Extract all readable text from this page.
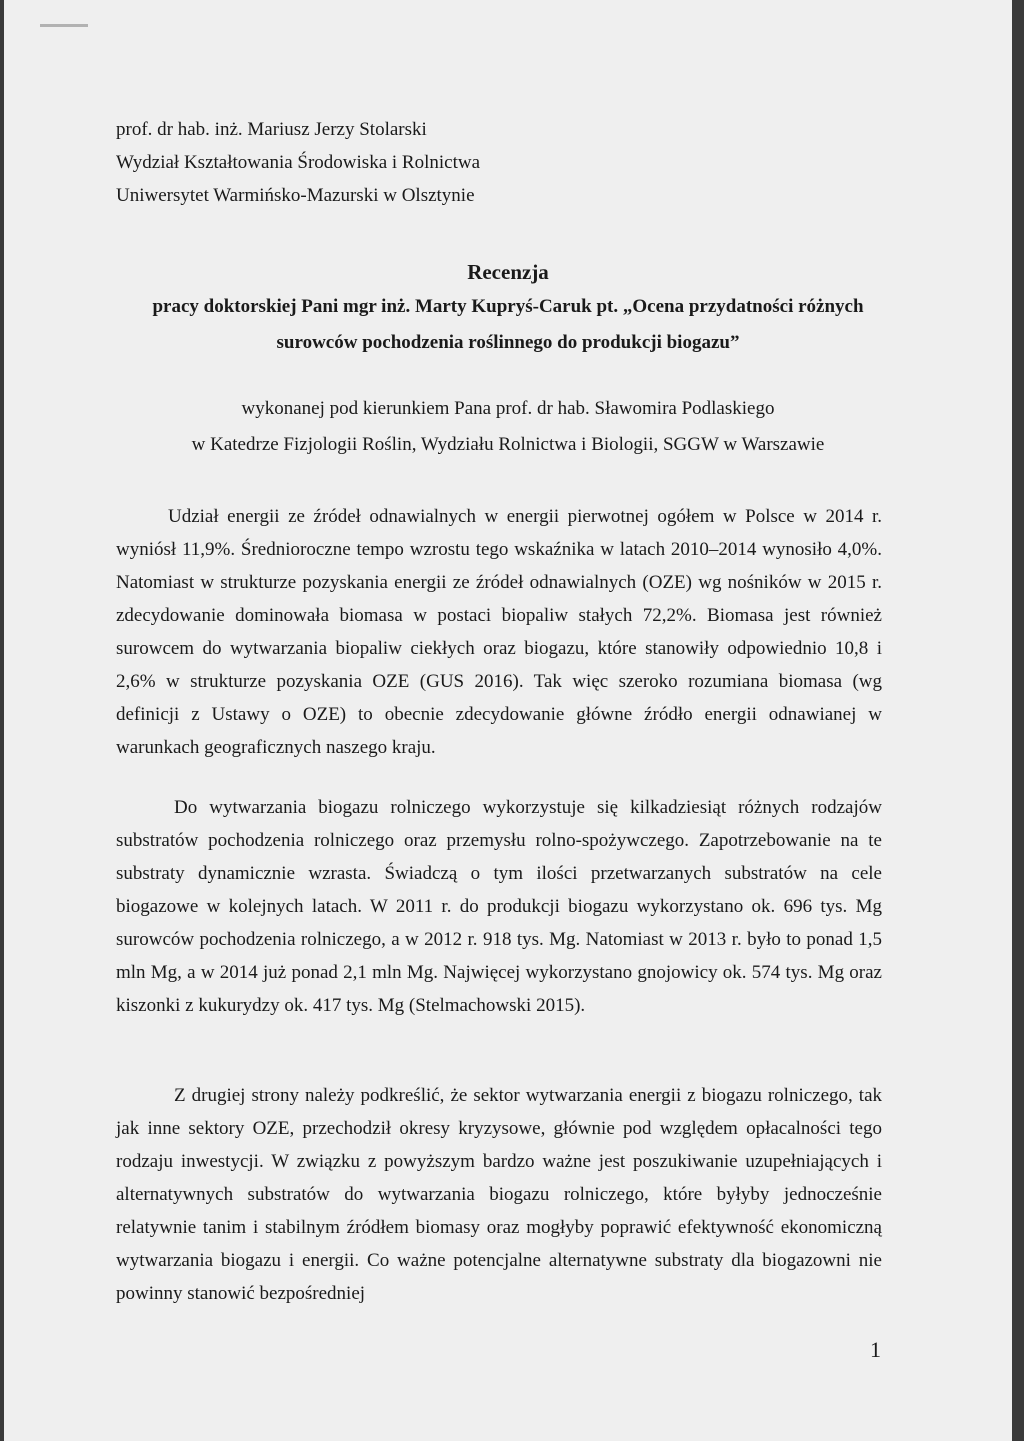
prof. dr hab. inż. Mariusz Jerzy Stolarski
Wydział Kształtowania Środowiska i Rolnictwa
Uniwersytet Warmińsko-Mazurski w Olsztynie
Recenzja
pracy doktorskiej Pani mgr inż. Marty Kupryś-Caruk pt. „Ocena przydatności różnych
surowców pochodzenia roślinnego do produkcji biogazu”
wykonanej pod kierunkiem Pana prof. dr hab. Sławomira Podlaskiego
w Katedrze Fizjologii Roślin, Wydziału Rolnictwa i Biologii, SGGW w Warszawie

Udział energii ze źródeł odnawialnych w energii pierwotnej ogółem w Polsce w 2014 r. wyniósł 11,9%. Średnioroczne tempo wzrostu tego wskaźnika w latach 2010–2014 wynosiło 4,0%. Natomiast w strukturze pozyskania energii ze źródeł odnawialnych (OZE) wg nośników w 2015 r. zdecydowanie dominowała biomasa w postaci biopaliw stałych 72,2%. Biomasa jest również surowcem do wytwarzania biopaliw ciekłych oraz biogazu, które stanowiły odpowiednio 10,8 i 2,6% w strukturze pozyskania OZE (GUS 2016). Tak więc szeroko rozumiana biomasa (wg definicji z Ustawy o OZE) to obecnie zdecydowanie główne źródło energii odnawianej w warunkach geograficznych naszego kraju.

Do wytwarzania biogazu rolniczego wykorzystuje się kilkadziesiąt różnych rodzajów substratów pochodzenia rolniczego oraz przemysłu rolno-spożywczego. Zapotrzebowanie na te substraty dynamicznie wzrasta. Świadczą o tym ilości przetwarzanych substratów na cele biogazowe w kolejnych latach. W 2011 r. do produkcji biogazu wykorzystano ok. 696 tys. Mg surowców pochodzenia rolniczego, a w 2012 r. 918 tys. Mg. Natomiast w 2013 r. było to ponad 1,5 mln Mg, a w 2014 już ponad 2,1 mln Mg. Najwięcej wykorzystano gnojowicy ok. 574 tys. Mg oraz kiszonki z kukurydzy ok. 417 tys. Mg (Stelmachowski 2015).

Z drugiej strony należy podkreślić, że sektor wytwarzania energii z biogazu rolniczego, tak jak inne sektory OZE, przechodził okresy kryzysowe, głównie pod względem opłacalności tego rodzaju inwestycji. W związku z powyższym bardzo ważne jest poszukiwanie uzupełniających i alternatywnych substratów do wytwarzania biogazu rolniczego, które byłyby jednocześnie relatywnie tanim i stabilnym źródłem biomasy oraz mogłyby poprawić efektywność ekonomiczną wytwarzania biogazu i energii. Co ważne potencjalne alternatywne substraty dla biogazowni nie powinny stanowić bezpośredniej

1
